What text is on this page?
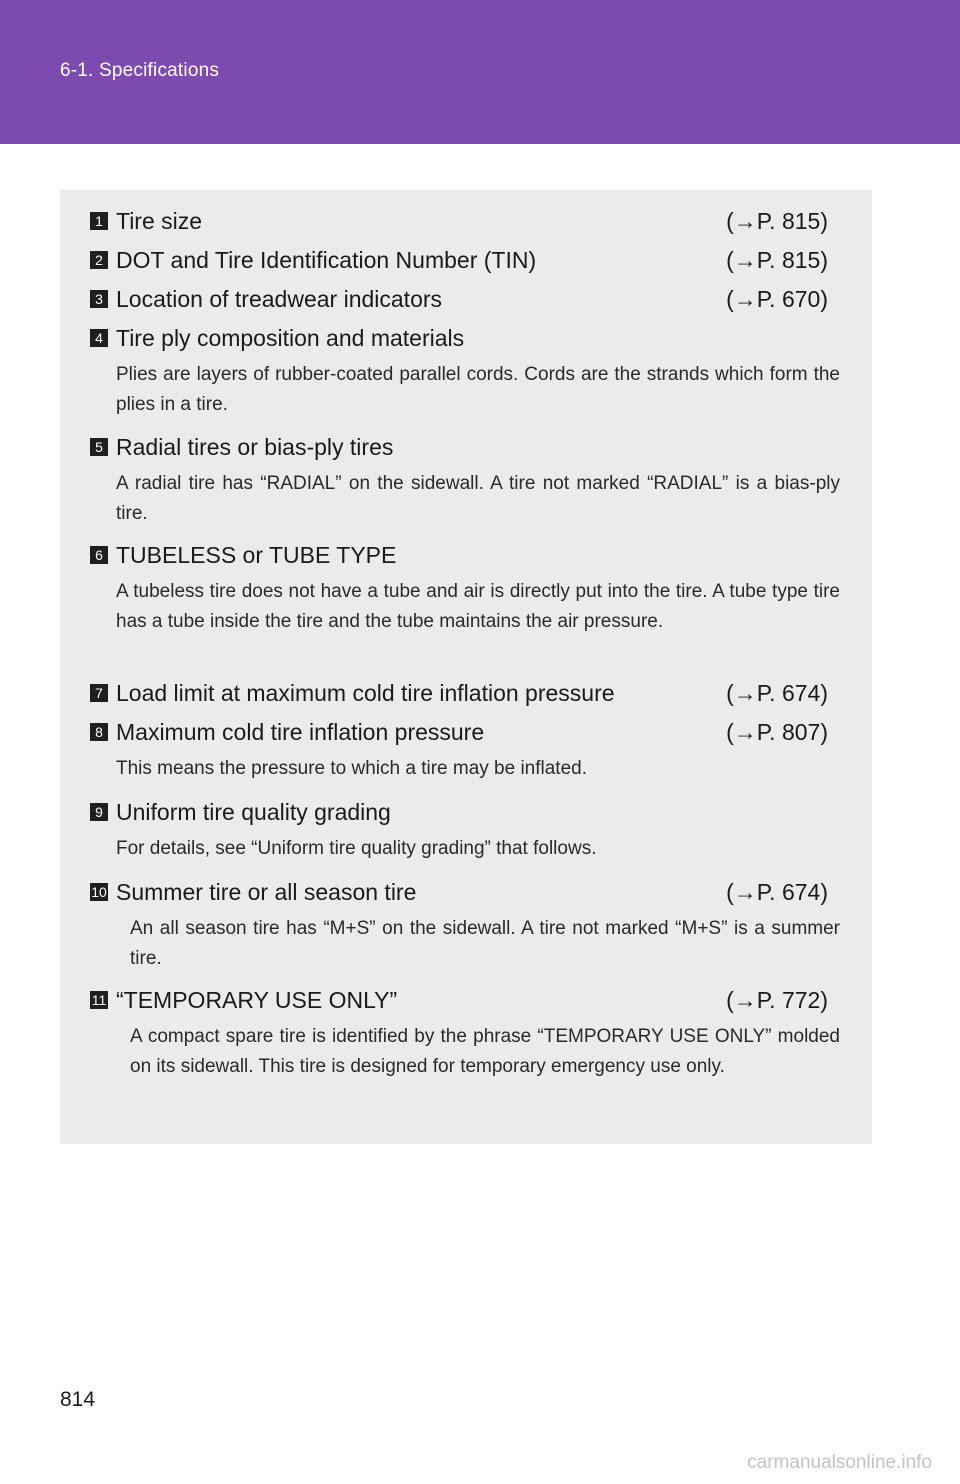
6-1. Specifications
1 Tire size	(→P. 815)
2 DOT and Tire Identification Number (TIN)	(→P. 815)
3 Location of treadwear indicators	(→P. 670)
4 Tire ply composition and materials
Plies are layers of rubber-coated parallel cords. Cords are the strands which form the plies in a tire.
5 Radial tires or bias-ply tires
A radial tire has “RADIAL” on the sidewall. A tire not marked “RADIAL” is a bias-ply tire.
6 TUBELESS or TUBE TYPE
A tubeless tire does not have a tube and air is directly put into the tire. A tube type tire has a tube inside the tire and the tube maintains the air pressure.
7 Load limit at maximum cold tire inflation pressure	(→P. 674)
8 Maximum cold tire inflation pressure	(→P. 807)
This means the pressure to which a tire may be inflated.
9 Uniform tire quality grading
For details, see “Uniform tire quality grading” that follows.
10 Summer tire or all season tire	(→P. 674)
An all season tire has “M+S” on the sidewall. A tire not marked “M+S” is a summer tire.
11 “TEMPORARY USE ONLY”	(→P. 772)
A compact spare tire is identified by the phrase “TEMPORARY USE ONLY” molded on its sidewall. This tire is designed for temporary emergency use only.
814
carmanualsonline.info
